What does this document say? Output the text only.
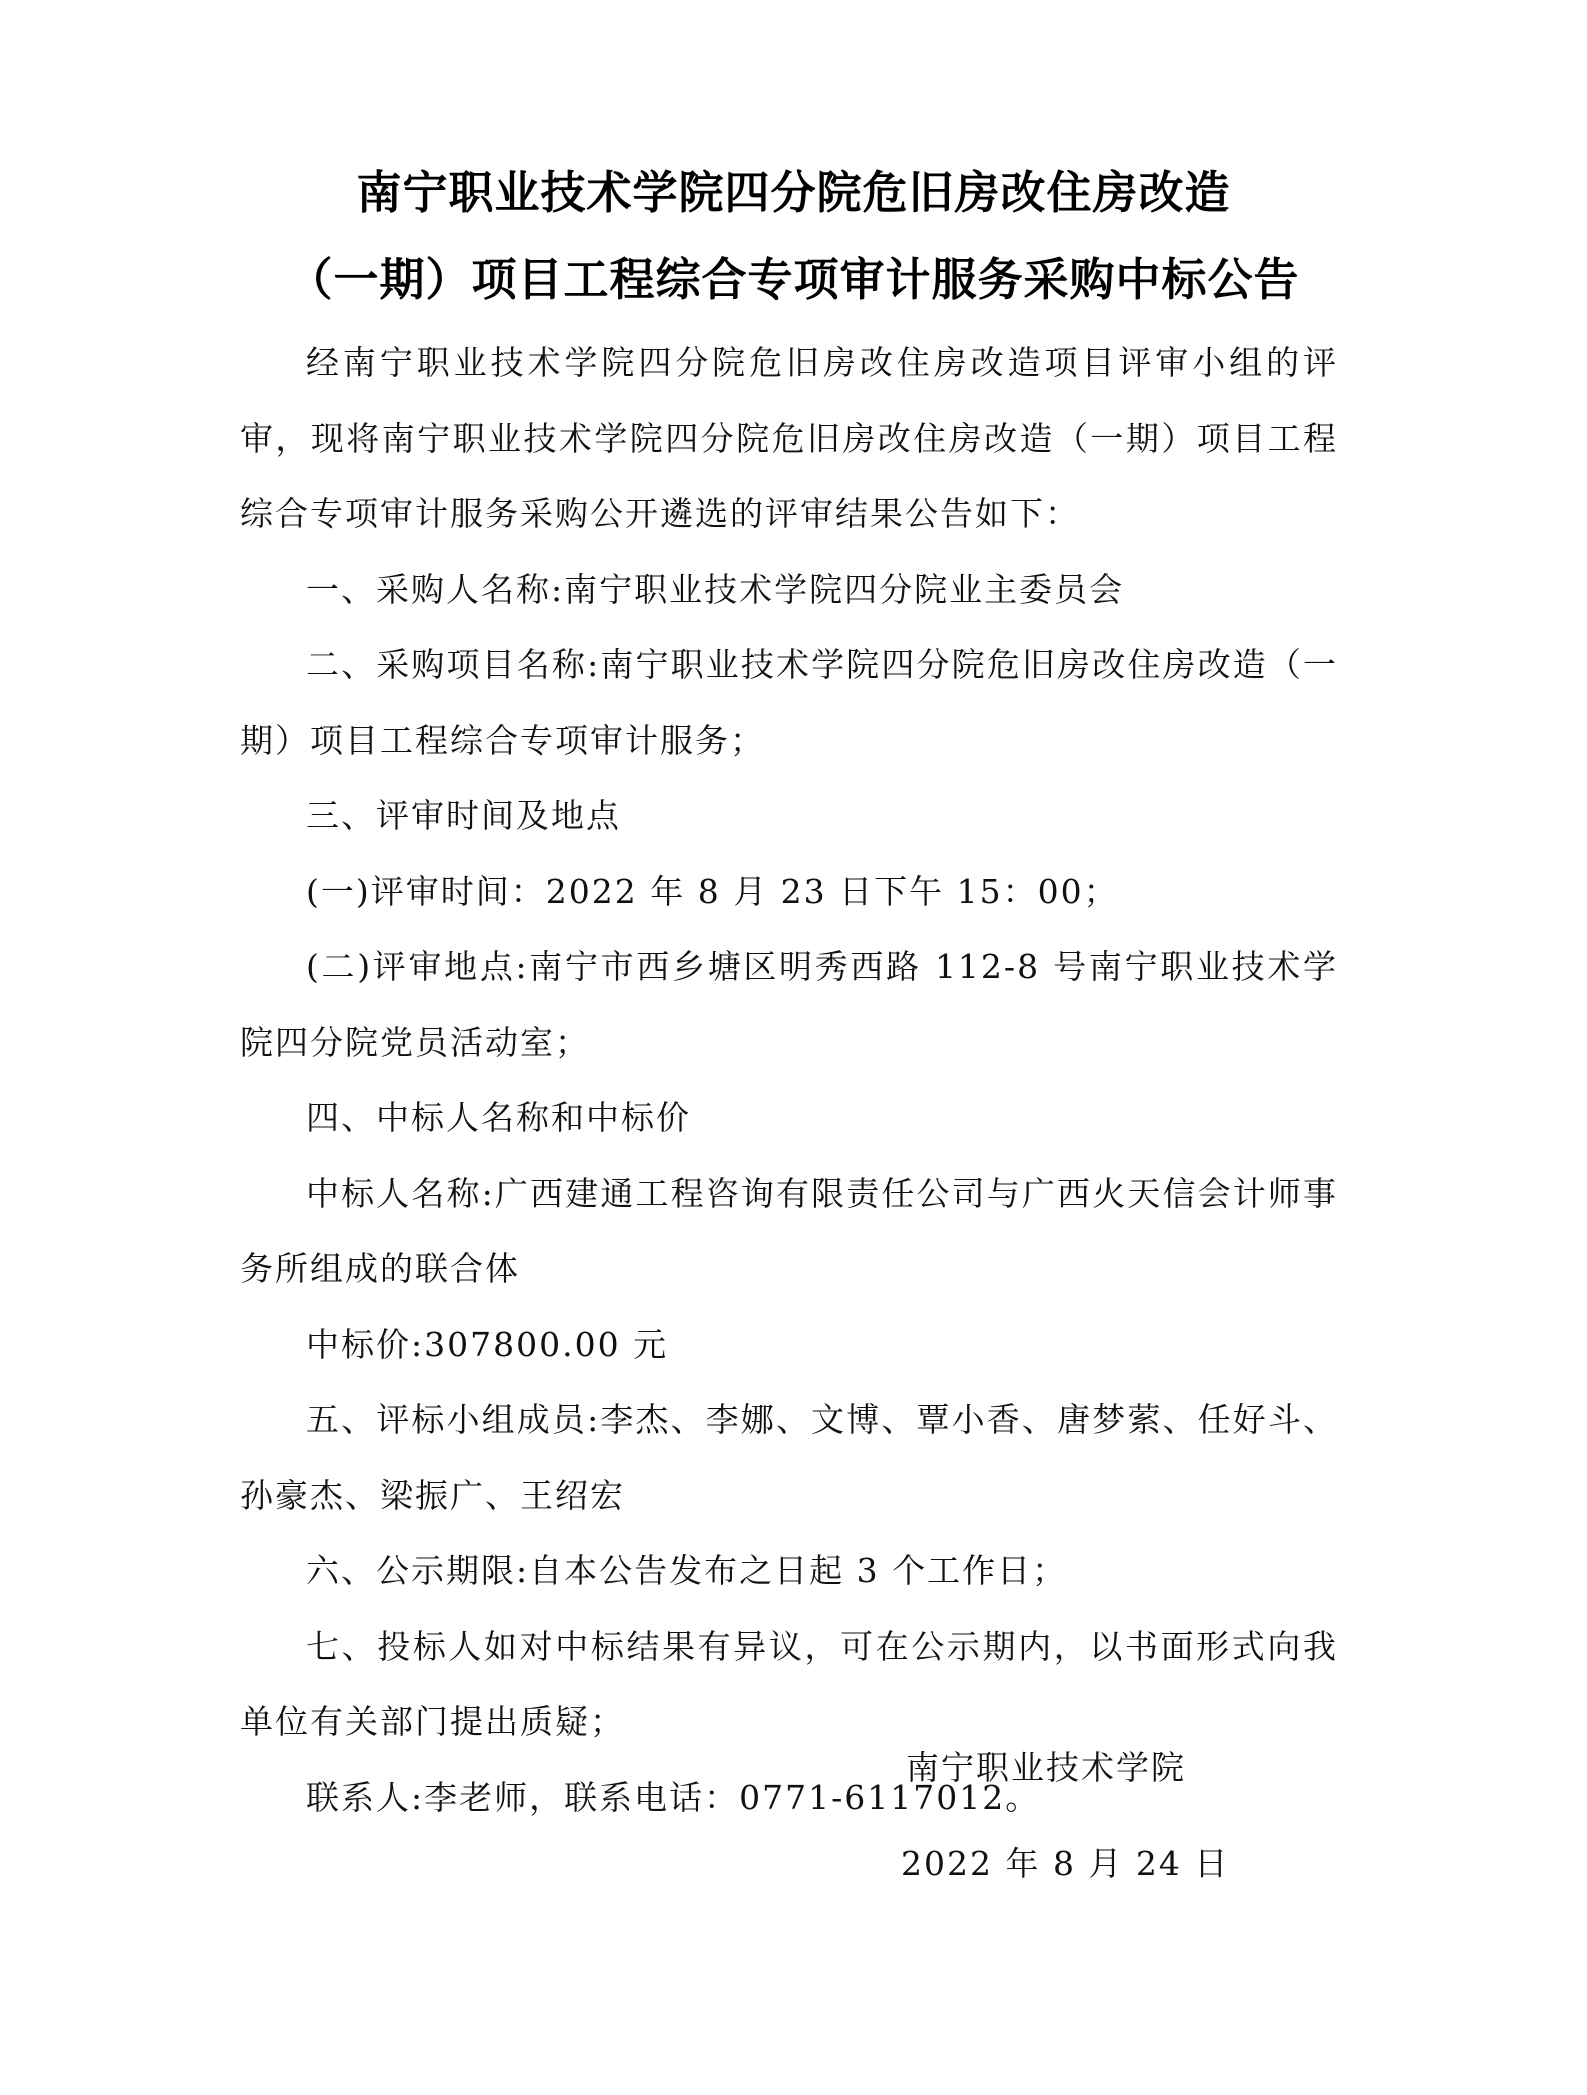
南宁职业技术学院四分院危旧房改住房改造
（一期）项目工程综合专项审计服务采购中标公告

经南宁职业技术学院四分院危旧房改住房改造项目评审小组的评审，现将南宁职业技术学院四分院危旧房改住房改造（一期）项目工程综合专项审计服务采购公开遴选的评审结果公告如下：

一、采购人名称:南宁职业技术学院四分院业主委员会

二、采购项目名称:南宁职业技术学院四分院危旧房改住房改造（一期）项目工程综合专项审计服务；

三、评审时间及地点

(一)评审时间：2022 年 8 月 23 日下午 15：00；

(二)评审地点:南宁市西乡塘区明秀西路 112-8 号南宁职业技术学院四分院党员活动室；

四、中标人名称和中标价

中标人名称:广西建通工程咨询有限责任公司与广西火天信会计师事务所组成的联合体

中标价:307800.00 元

五、评标小组成员:李杰、李娜、文博、覃小香、唐梦萦、任好斗、孙豪杰、梁振广、王绍宏

六、公示期限:自本公告发布之日起 3 个工作日；

七、投标人如对中标结果有异议，可在公示期内，以书面形式向我单位有关部门提出质疑；

联系人:李老师，联系电话：0771-6117012。

南宁职业技术学院
2022 年 8 月 24 日
